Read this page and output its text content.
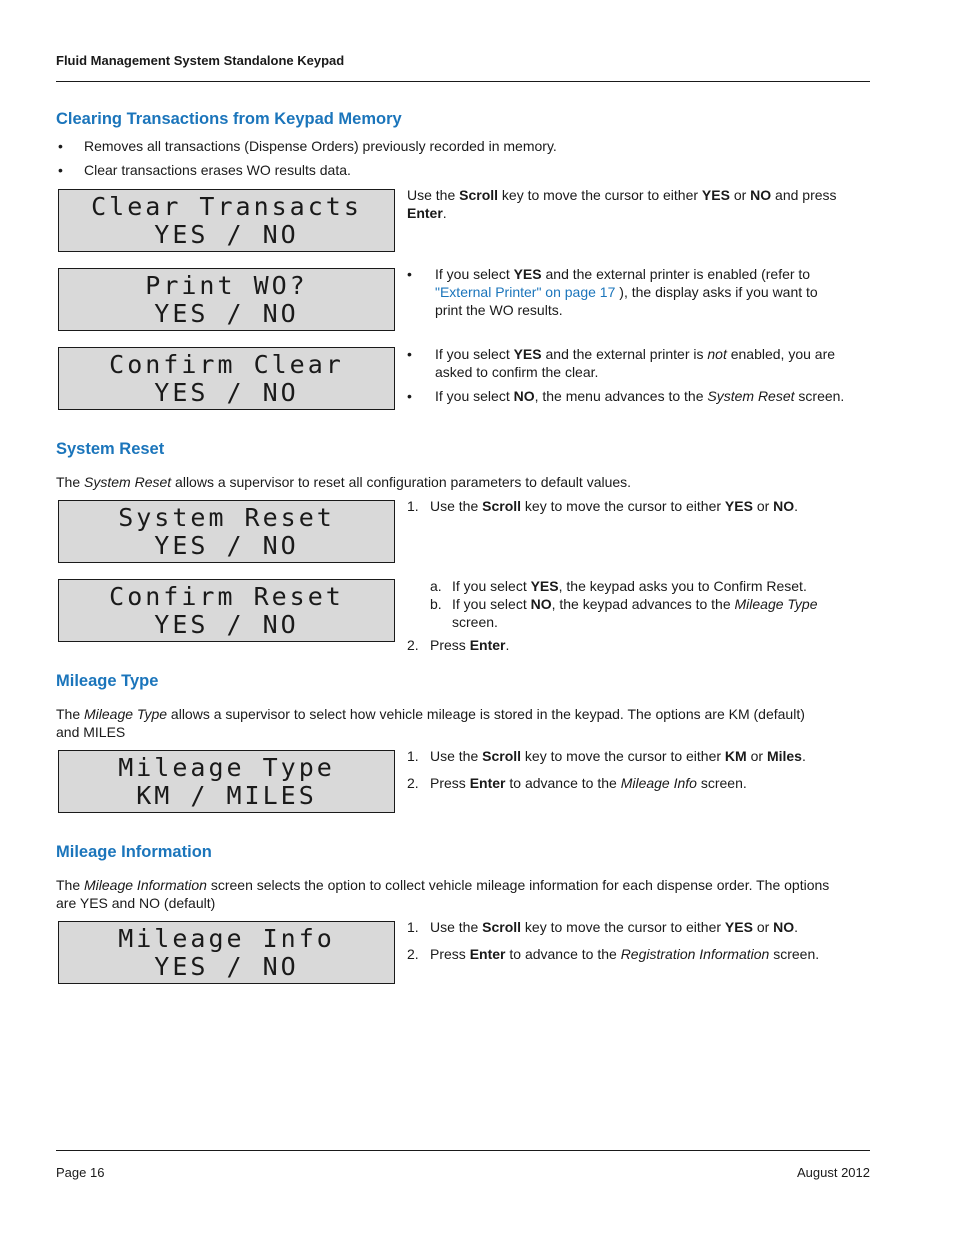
Fluid Management System Standalone Keypad
Clearing Transactions from Keypad Memory
• Removes all transactions (Dispense Orders) previously recorded in memory.
• Clear transactions erases WO results data.
Clear Transacts
YES / NO
Print WO?
YES / NO
Confirm Clear
YES / NO
Use the Scroll key to move the cursor to either YES or NO and press
Enter.
• If you select YES and the external printer is enabled (refer to
"External Printer" on page 17 ), the display asks if you want to
print the WO results.
• If you select YES and the external printer is not enabled, you are
asked to confirm the clear.
• If you select NO, the menu advances to the System Reset screen.
System Reset
The System Reset allows a supervisor to reset all configuration parameters to default values.
System Reset
YES / NO
Confirm Reset
YES / NO
1. Use the Scroll key to move the cursor to either YES or NO.
a. If you select YES, the keypad asks you to Confirm Reset.
b. If you select NO, the keypad advances to the Mileage Type
screen.
2. Press Enter.
Mileage Type
The Mileage Type allows a supervisor to select how vehicle mileage is stored in the keypad. The options are KM (default)
and MILES
Mileage Type
KM / MILES
1. Use the Scroll key to move the cursor to either KM or Miles.
2. Press Enter to advance to the Mileage Info screen.
Mileage Information
The Mileage Information screen selects the option to collect vehicle mileage information for each dispense order. The options
are YES and NO (default)
Mileage Info
YES / NO
1. Use the Scroll key to move the cursor to either YES or NO.
2. Press Enter to advance to the Registration Information screen.
Page 16	August 2012
